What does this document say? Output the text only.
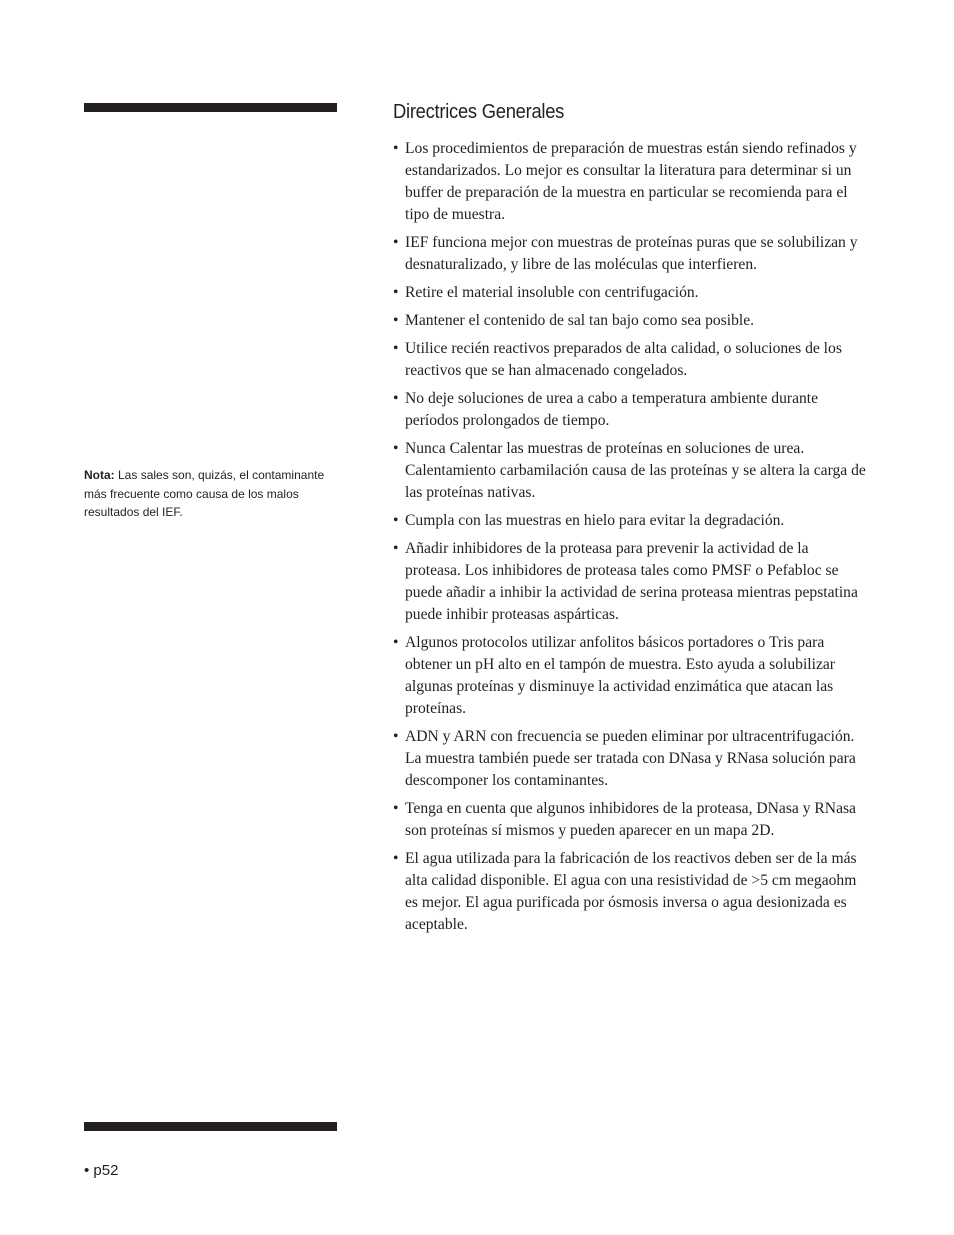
Nota: Las sales son, quizás, el contaminante más frecuente como causa de los malos resultados del IEF.
Directrices Generales
• Los procedimientos de preparación de muestras están siendo refinados y estandarizados. Lo mejor es consultar la literatura para determinar si un buffer de preparación de la muestra en particular se recomienda para el tipo de muestra.
• IEF funciona mejor con muestras de proteínas puras que se solubilizan y desnaturalizado, y libre de las moléculas que interfieren.
• Retire el material insoluble con centrifugación.
• Mantener el contenido de sal tan bajo como sea posible.
• Utilice recién reactivos preparados de alta calidad, o soluciones de los reactivos que se han almacenado congelados.
• No deje soluciones de urea a cabo a temperatura ambiente durante períodos prolongados de tiempo.
• Nunca Calentar las muestras de proteínas en soluciones de urea. Calentamiento carbamilación causa de las proteínas y se altera la carga de las proteínas nativas.
• Cumpla con las muestras en hielo para evitar la degradación.
• Añadir inhibidores de la proteasa para prevenir la actividad de la proteasa. Los inhibidores de proteasa tales como PMSF o Pefabloc se puede añadir a inhibir la actividad de serina proteasa mientras pepstatina puede inhibir proteasas aspárticas.
• Algunos protocolos utilizar anfolitos básicos portadores o Tris para obtener un pH alto en el tampón de muestra. Esto ayuda a solubilizar algunas proteínas y disminuye la actividad enzimática que atacan las proteínas.
• ADN y ARN con frecuencia se pueden eliminar por ultracentrifugación. La muestra también puede ser tratada con DNasa y RNasa solución para descomponer los contaminantes.
• Tenga en cuenta que algunos inhibidores de la proteasa, DNasa y RNasa son proteínas sí mismos y pueden aparecer en un mapa 2D.
• El agua utilizada para la fabricación de los reactivos deben ser de la más alta calidad disponible. El agua con una resistividad de >5 cm megaohm es mejor. El agua purificada por ósmosis inversa o agua desionizada es aceptable.
• p52
